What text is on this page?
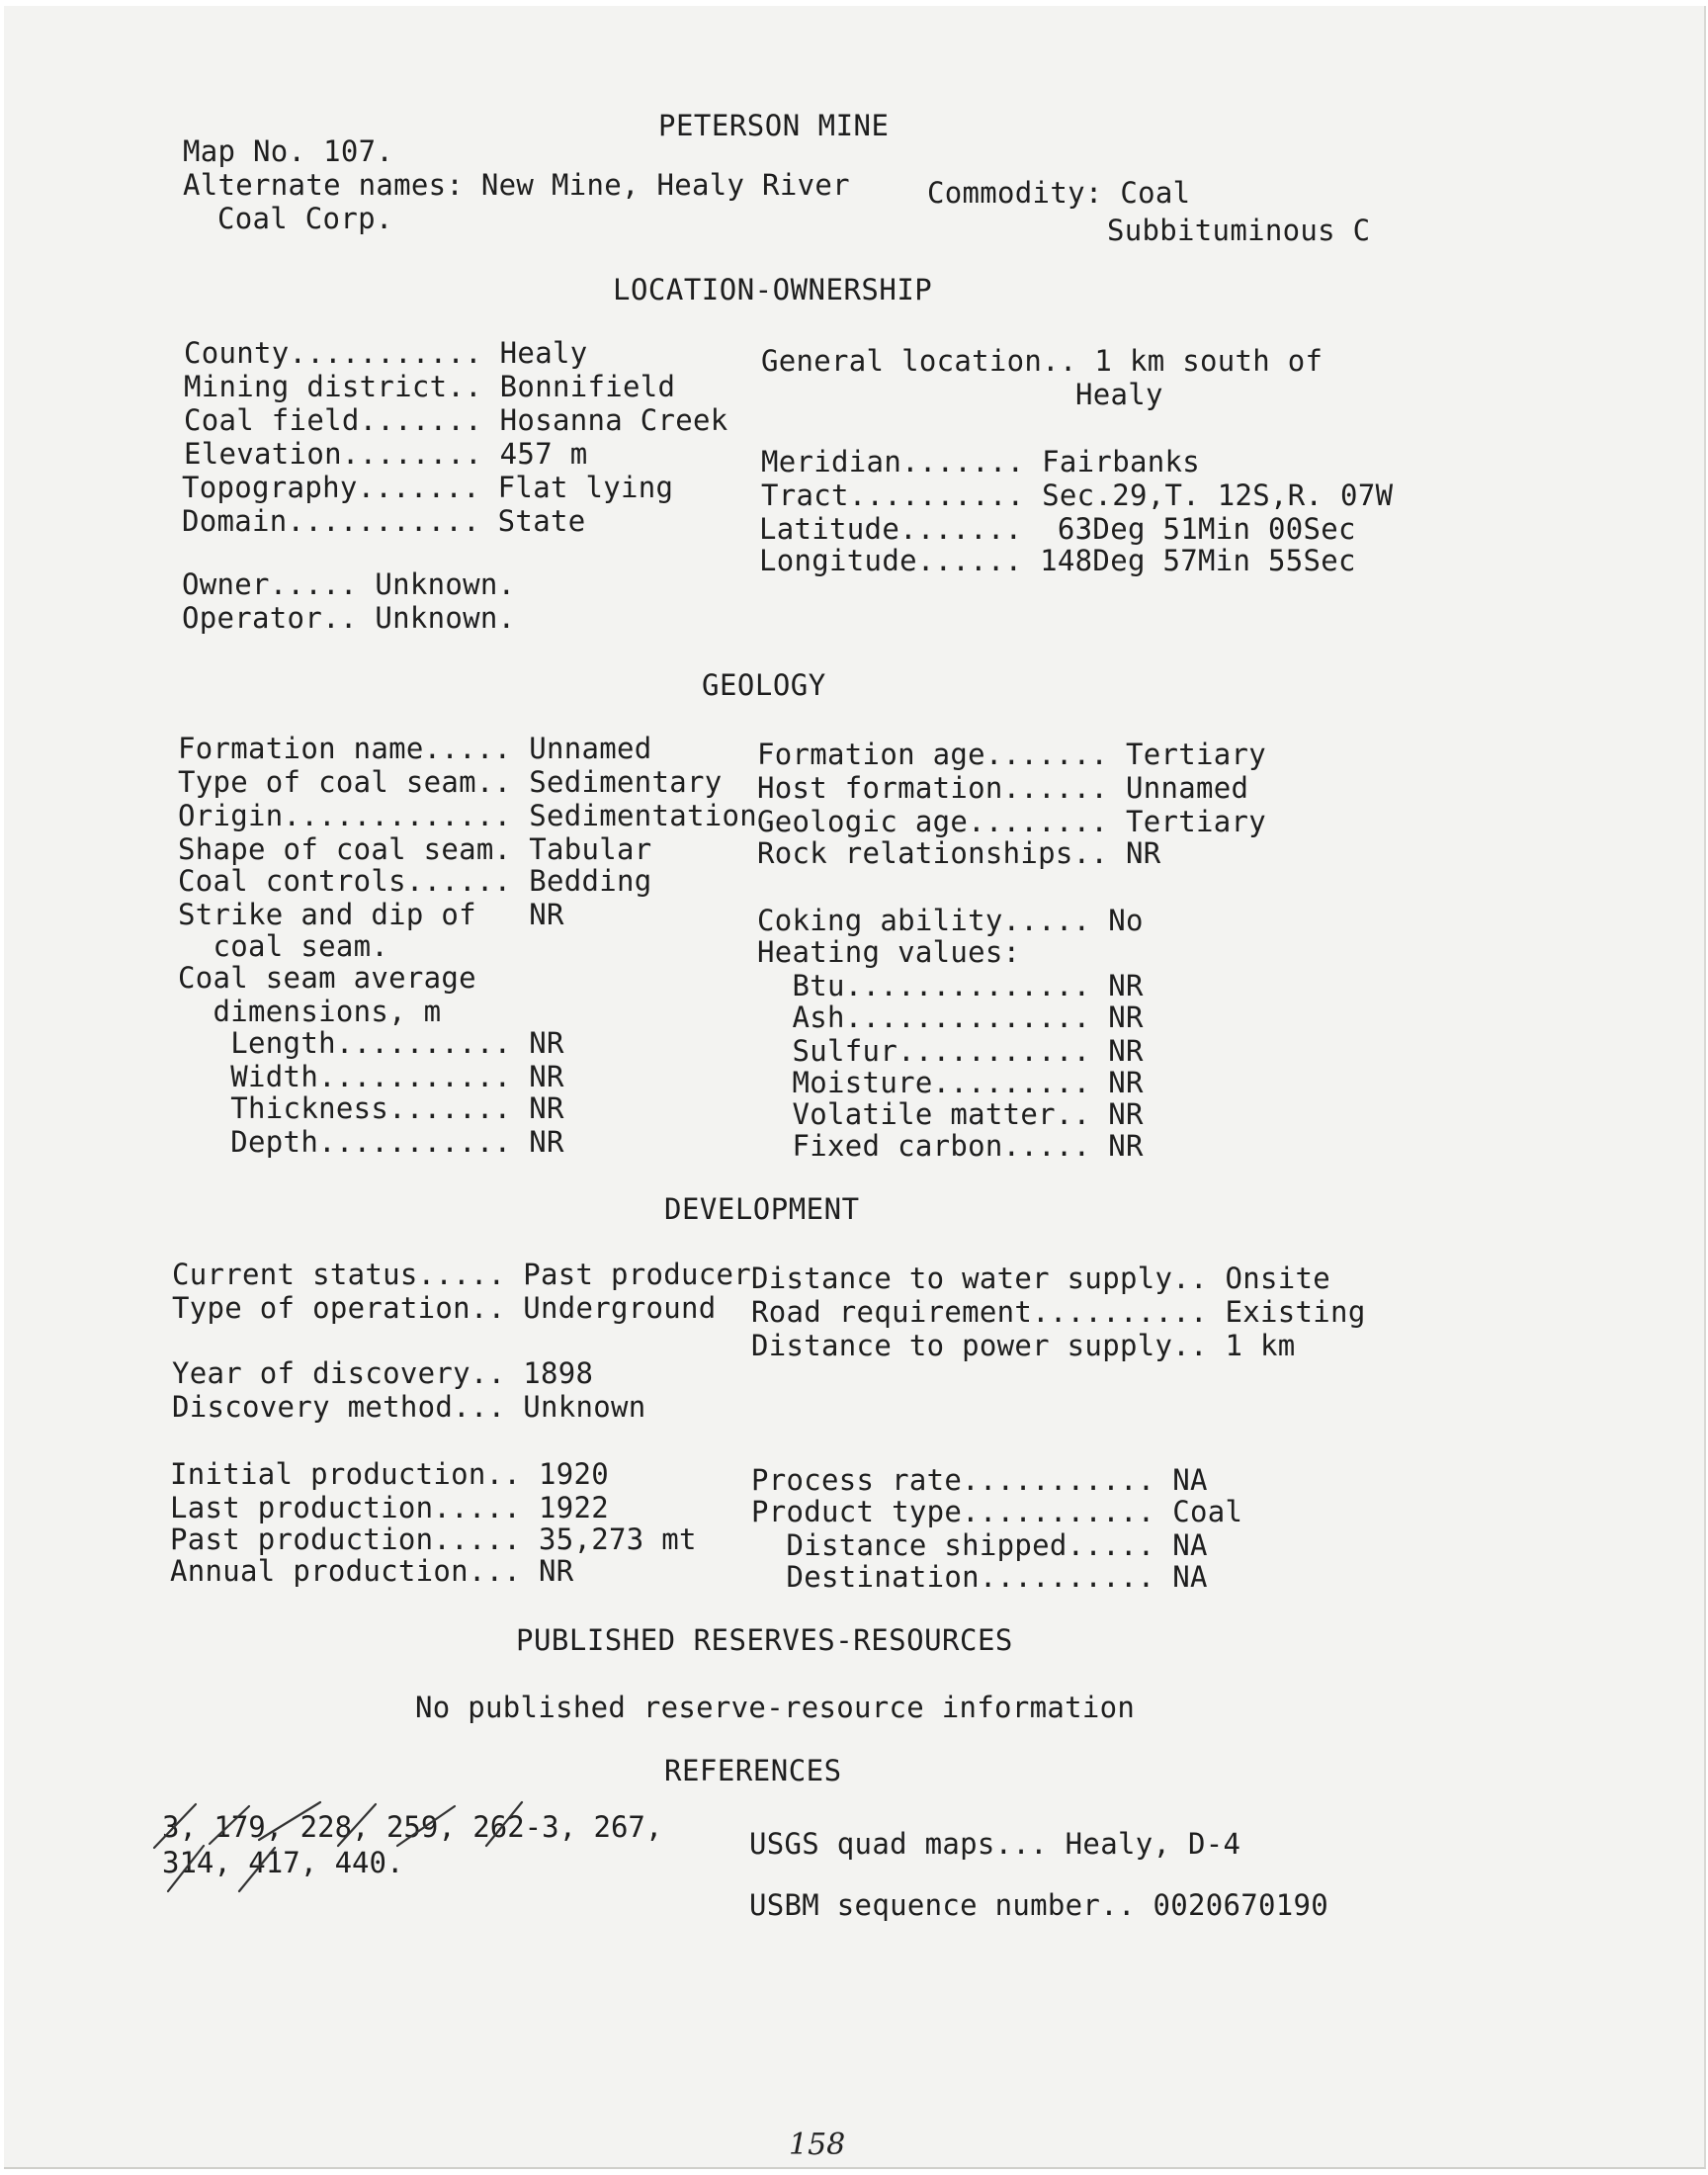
PETERSON MINE
Map No. 107.
Alternate names: New Mine, Healy River
Coal Corp.
Commodity: Coal
Subbituminous C
LOCATION-OWNERSHIP
County........... Healy
Mining district.. Bonnifield
Coal field....... Hosanna Creek
Elevation........ 457 m
Topography....... Flat lying
Domain........... State
Owner..... Unknown.
Operator.. Unknown.
General location.. 1 km south of
Healy
Meridian....... Fairbanks
Tract.......... Sec.29,T. 12S,R. 07W
Latitude.......  63Deg 51Min 00Sec
Longitude...... 148Deg 57Min 55Sec
GEOLOGY
Formation name..... Unnamed
Type of coal seam.. Sedimentary
Origin............. Sedimentation
Shape of coal seam. Tabular
Coal controls...... Bedding
Strike and dip of   NR
coal seam.
Coal seam average
dimensions, m
Length.......... NR
Width........... NR
Thickness....... NR
Depth........... NR
Formation age....... Tertiary
Host formation...... Unnamed
Geologic age........ Tertiary
Rock relationships.. NR
Coking ability..... No
Heating values:
Btu.............. NR
Ash.............. NR
Sulfur........... NR
Moisture......... NR
Volatile matter.. NR
Fixed carbon..... NR
DEVELOPMENT
Current status..... Past producer
Type of operation.. Underground
Year of discovery.. 1898
Discovery method... Unknown
Initial production.. 1920
Last production..... 1922
Past production..... 35,273 mt
Annual production... NR
Distance to water supply.. Onsite
Road requirement.......... Existing
Distance to power supply.. 1 km
Process rate........... NA
Product type........... Coal
Distance shipped..... NA
Destination.......... NA
PUBLISHED RESERVES-RESOURCES
No published reserve-resource information
REFERENCES
3, 179, 228, 259, 262-3, 267,
314, 417, 440.
USGS quad maps... Healy, D-4
USBM sequence number.. 0020670190
158
